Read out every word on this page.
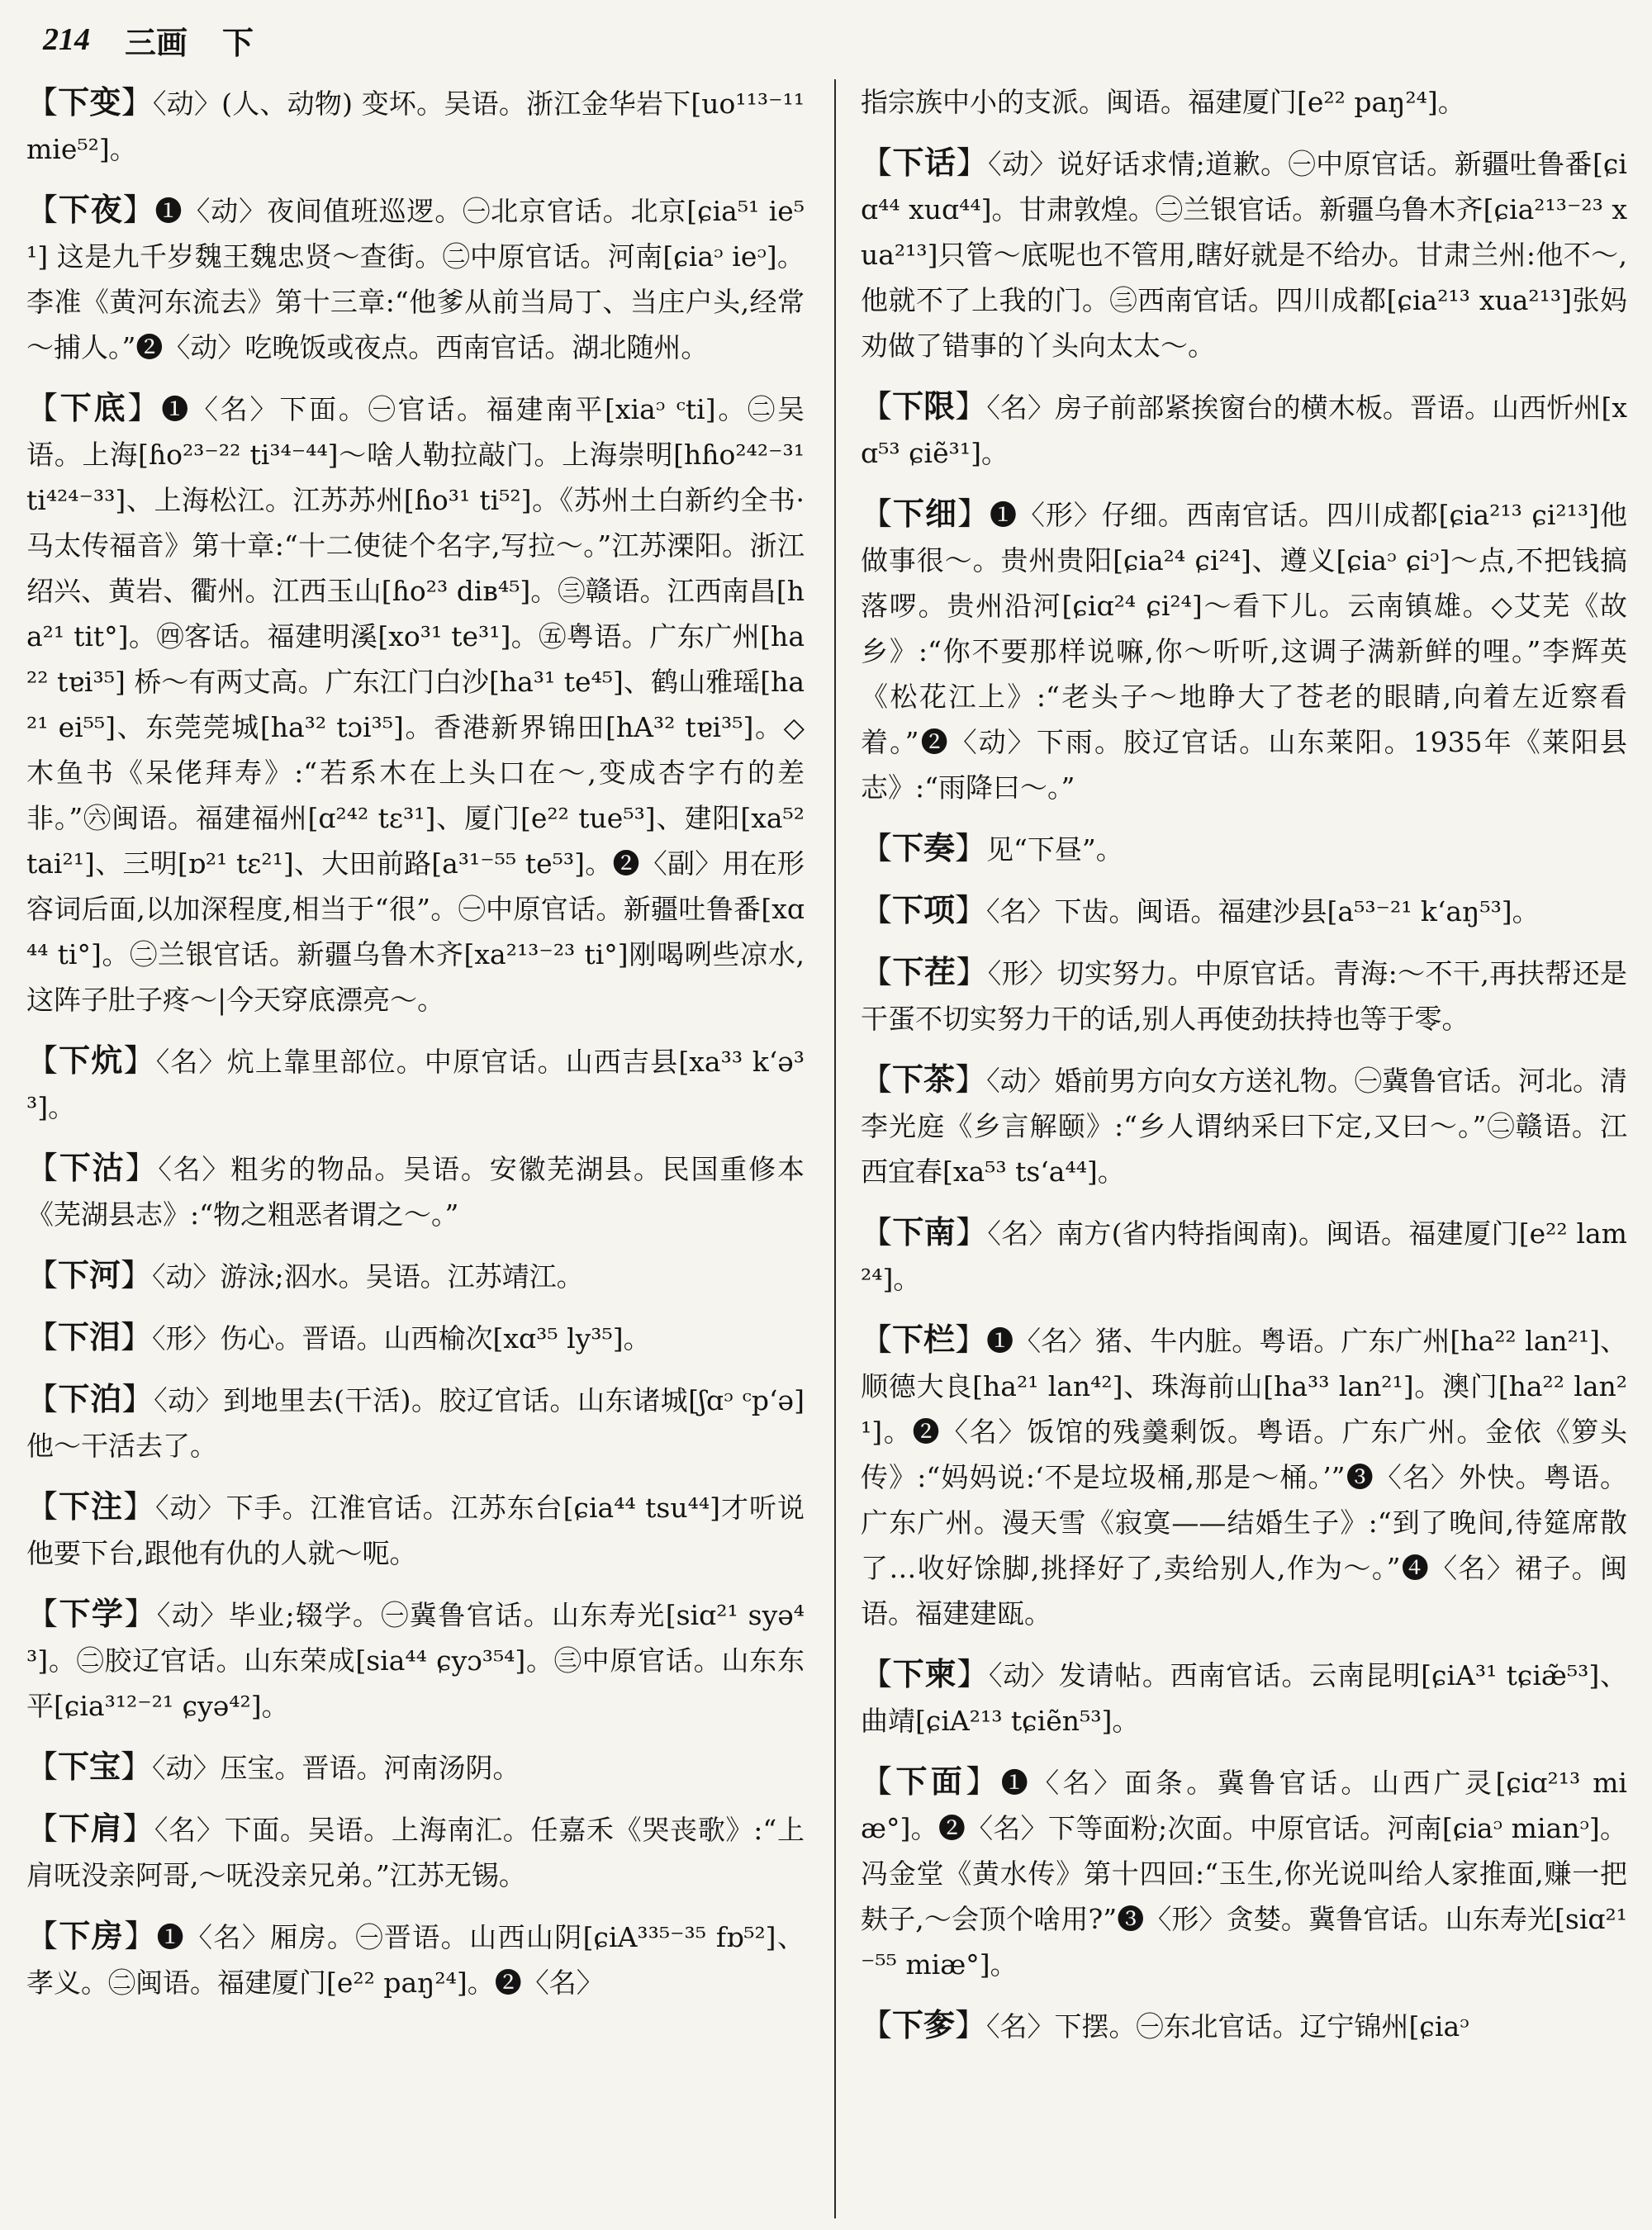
214 三画 下
【下变】〈动〉(人、动物) 变坏。吴语。浙江金华岩下[uo¹¹³⁻¹¹ mie⁵²]。
【下夜】❶〈动〉夜间值班巡逻。㊀北京官话。北京[ɕia⁵¹ ie⁵¹] 这是九千岁魏王魏忠贤～查街。㊁中原官话。河南[ɕiaᵓ ieᵓ]。李准《黄河东流去》第十三章:“他爹从前当局丁、当庄户头,经常～捕人。”❷〈动〉吃晚饭或夜点。西南官话。湖北随州。
【下底】❶〈名〉下面。㊀官话。福建南平[xiaᵓ ᶜti]。㊁吴语。上海[ɦo²³⁻²² ti³⁴⁻⁴⁴]～啥人勒拉敲门。上海崇明[hɦo²⁴²⁻³¹ ti⁴²⁴⁻³³]、上海松江。江苏苏州[ɦo³¹ ti⁵²]。《苏州土白新约全书·马太传福音》第十章:“十二使徒个名字,写拉～。”江苏溧阳。浙江绍兴、黄岩、衢州。江西玉山[ɦo²³ diʙ⁴⁵]。㊂赣语。江西南昌[ha²¹ tit°]。㊃客话。福建明溪[xo³¹ te³¹]。㊄粤语。广东广州[ha²² tɐi³⁵] 桥～有两丈高。广东江门白沙[ha³¹ te⁴⁵]、鹤山雅瑶[ha²¹ ei⁵⁵]、东莞莞城[ha³² tɔi³⁵]。香港新界锦田[hA³² tɐi³⁵]。◇木鱼书《呆佬拜寿》:“若系木在上头口在～,变成杏字冇的差非。”㊅闽语。福建福州[ɑ²⁴² tɛ³¹]、厦门[e²² tue⁵³]、建阳[xa⁵² tai²¹]、三明[ɒ²¹ tɛ²¹]、大田前路[a³¹⁻⁵⁵ te⁵³]。❷〈副〉用在形容词后面,以加深程度,相当于“很”。㊀中原官话。新疆吐鲁番[xɑ⁴⁴ ti°]。㊁兰银官话。新疆乌鲁木齐[xa²¹³⁻²³ ti°]刚喝咧些凉水,这阵子肚子疼～|今天穿底漂亮～。
【下炕】〈名〉炕上靠里部位。中原官话。山西吉县[xa³³ kʻə³³]。
【下沽】〈名〉粗劣的物品。吴语。安徽芜湖县。民国重修本《芜湖县志》:“物之粗恶者谓之～。”
【下河】〈动〉游泳;泅水。吴语。江苏靖江。
【下泪】〈形〉伤心。晋语。山西榆次[xɑ³⁵ ly³⁵]。
【下泊】〈动〉到地里去(干活)。胶辽官话。山东诸城[ʃɑᵓ ᶜpʻə]他～干活去了。
【下注】〈动〉下手。江淮官话。江苏东台[ɕia⁴⁴ tsu⁴⁴]才听说他要下台,跟他有仇的人就～呃。
【下学】〈动〉毕业;辍学。㊀冀鲁官话。山东寿光[siɑ²¹ syə⁴³]。㊁胶辽官话。山东荣成[sia⁴⁴ ɕyɔ³⁵⁴]。㊂中原官话。山东东平[ɕia³¹²⁻²¹ ɕyə⁴²]。
【下宝】〈动〉压宝。晋语。河南汤阴。
【下肩】〈名〉下面。吴语。上海南汇。任嘉禾《哭丧歌》:“上肩呒没亲阿哥,～呒没亲兄弟。”江苏无锡。
【下房】❶〈名〉厢房。㊀晋语。山西山阴[ɕiA³³⁵⁻³⁵ fɒ⁵²]、孝义。㊁闽语。福建厦门[e²² paŋ²⁴]。❷〈名〉
指宗族中小的支派。闽语。福建厦门[e²² paŋ²⁴]。
【下话】〈动〉说好话求情;道歉。㊀中原官话。新疆吐鲁番[ɕiɑ⁴⁴ xuɑ⁴⁴]。甘肃敦煌。㊁兰银官话。新疆乌鲁木齐[ɕia²¹³⁻²³ xua²¹³]只管～底呢也不管用,瞎好就是不给办。甘肃兰州:他不～,他就不了上我的门。㊂西南官话。四川成都[ɕia²¹³ xua²¹³]张妈劝做了错事的丫头向太太～。
【下限】〈名〉房子前部紧挨窗台的横木板。晋语。山西忻州[xɑ⁵³ ɕiẽ³¹]。
【下细】❶〈形〉仔细。西南官话。四川成都[ɕia²¹³ ɕi²¹³]他做事很～。贵州贵阳[ɕia²⁴ ɕi²⁴]、遵义[ɕiaᵓ ɕiᵓ]～点,不把钱搞落啰。贵州沿河[ɕiɑ²⁴ ɕi²⁴]～看下儿。云南镇雄。◇艾芜《故乡》:“你不要那样说嘛,你～听听,这调子满新鲜的哩。”李辉英《松花江上》:“老头子～地睁大了苍老的眼睛,向着左近察看着。”❷〈动〉下雨。胶辽官话。山东莱阳。1935年《莱阳县志》:“雨降曰～。”
【下奏】见“下昼”。
【下项】〈名〉下齿。闽语。福建沙县[a⁵³⁻²¹ kʻaŋ⁵³]。
【下茬】〈形〉切实努力。中原官话。青海:～不干,再扶帮还是干蛋不切实努力干的话,别人再使劲扶持也等于零。
【下茶】〈动〉婚前男方向女方送礼物。㊀冀鲁官话。河北。清李光庭《乡言解颐》:“乡人谓纳采曰下定,又曰～。”㊁赣语。江西宜春[xa⁵³ tsʻa⁴⁴]。
【下南】〈名〉南方(省内特指闽南)。闽语。福建厦门[e²² lam²⁴]。
【下栏】❶〈名〉猪、牛内脏。粤语。广东广州[ha²² lan²¹]、顺德大良[ha²¹ lan⁴²]、珠海前山[ha³³ lan²¹]。澳门[ha²² lan²¹]。❷〈名〉饭馆的残羹剩饭。粤语。广东广州。金依《箩头传》:“妈妈说:‘不是垃圾桶,那是～桶。’”❸〈名〉外快。粤语。广东广州。漫天雪《寂寞——结婚生子》:“到了晚间,待筵席散了…收好馀脚,挑择好了,卖给别人,作为～。”❹〈名〉裙子。闽语。福建建瓯。
【下柬】〈动〉发请帖。西南官话。云南昆明[ɕiA³¹ tɕiæ̃⁵³]、曲靖[ɕiA²¹³ tɕiẽn⁵³]。
【下面】❶〈名〉面条。冀鲁官话。山西广灵[ɕiɑ²¹³ miæ°]。❷〈名〉下等面粉;次面。中原官话。河南[ɕiaᵓ mianᵓ]。冯金堂《黄水传》第十四回:“玉生,你光说叫给人家推面,赚一把麸子,～会顶个啥用?”❸〈形〉贪婪。冀鲁官话。山东寿光[siɑ²¹⁻⁵⁵ miæ°]。
【下奓】〈名〉下摆。㊀东北官话。辽宁锦州[ɕiaᵓ
